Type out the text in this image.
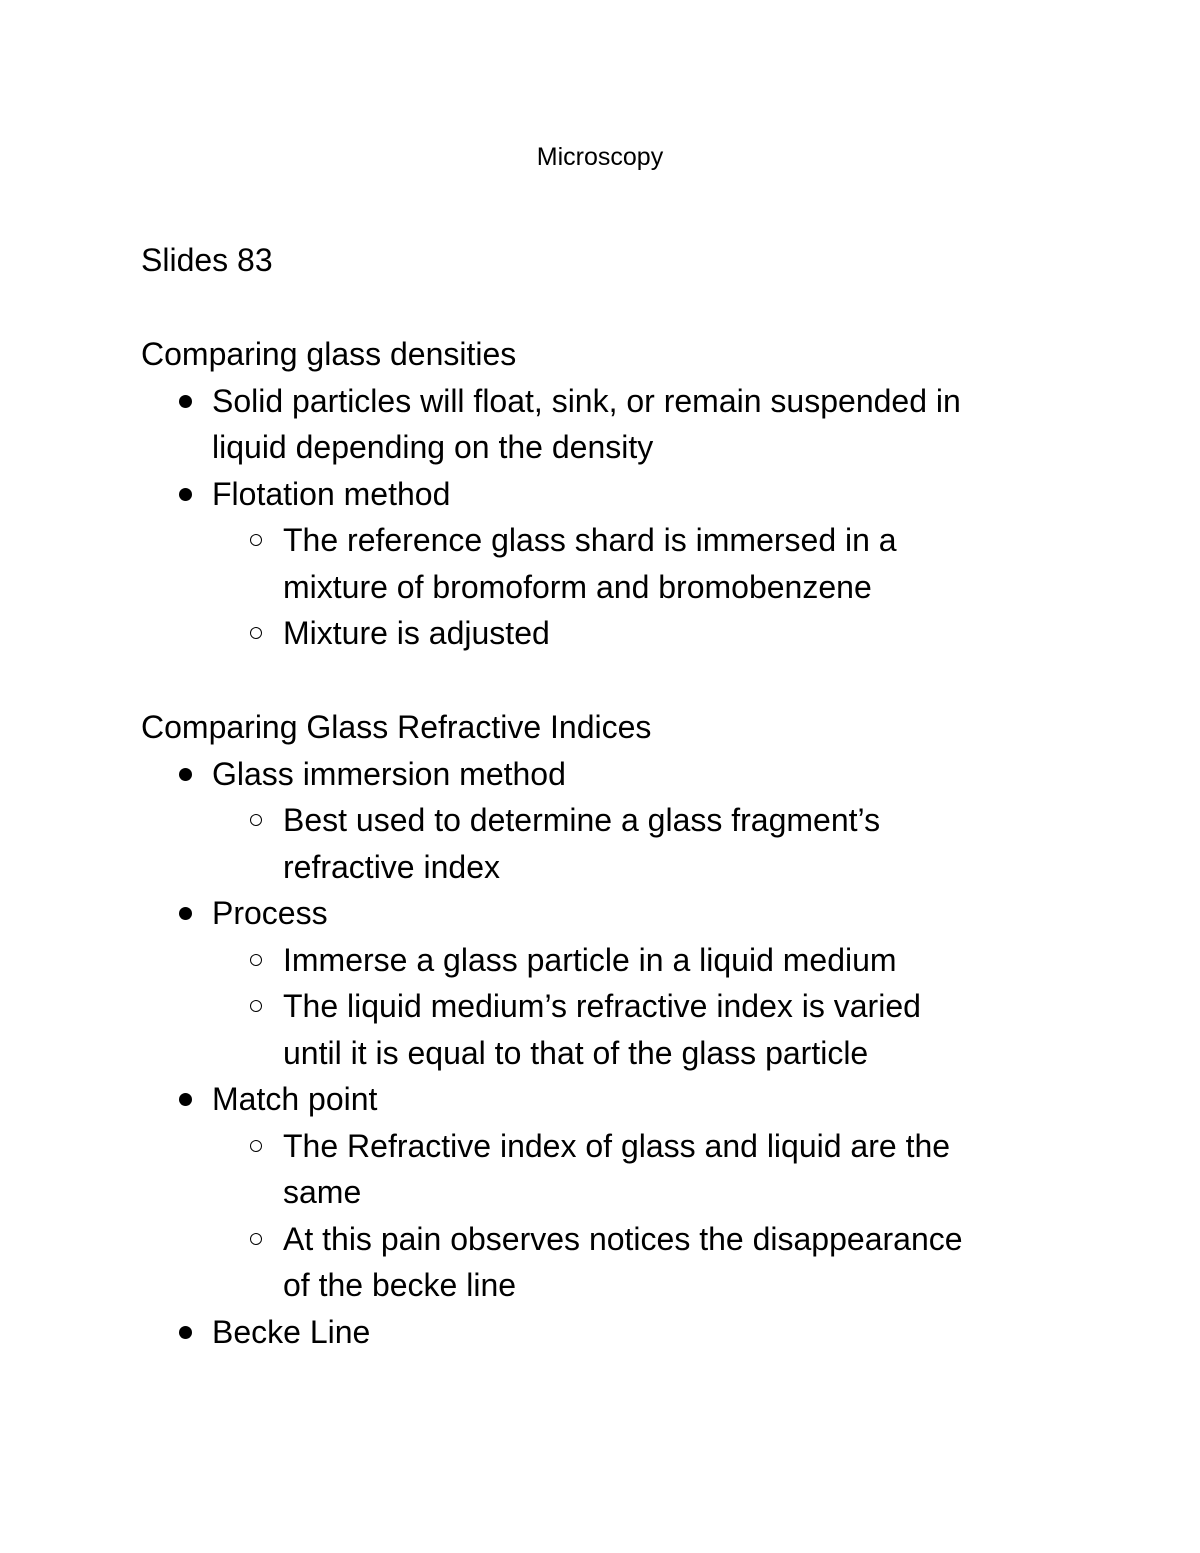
Microscopy
Slides 83
Comparing glass densities
Solid particles will float, sink, or remain suspended in
liquid depending on the density
Flotation method
The reference glass shard is immersed in a
mixture of bromoform and bromobenzene
Mixture is adjusted
Comparing Glass Refractive Indices
Glass immersion method
Best used to determine a glass fragment’s
refractive index
Process
Immerse a glass particle in a liquid medium
The liquid medium’s refractive index is varied
until it is equal to that of the glass particle
Match point
The Refractive index of glass and liquid are the
same
At this pain observes notices the disappearance
of the becke line
Becke Line
